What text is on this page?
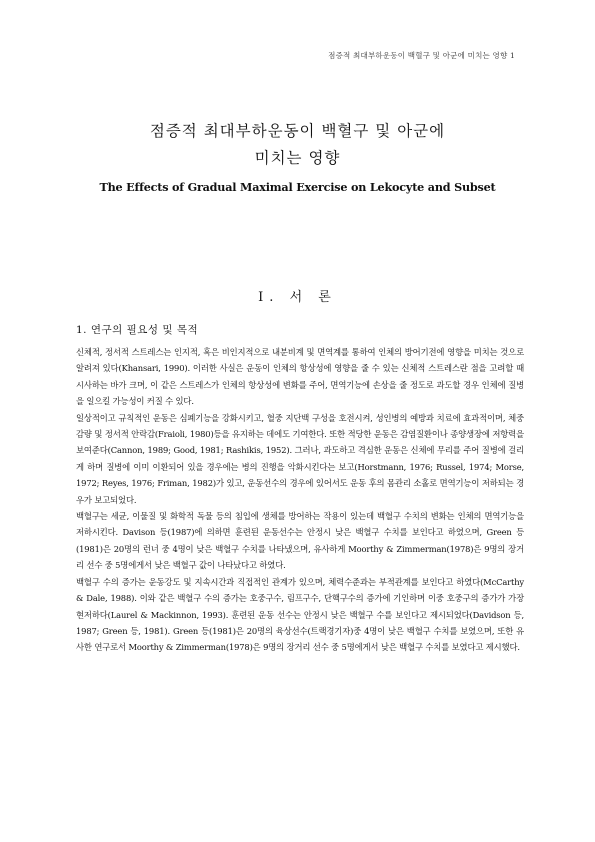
점증적 최대부하운동이 백혈구 및 아군에 미치는 영향 1
점증적 최대부하운동이 백혈구 및 아군에
미치는 영향
The Effects of Gradual Maximal Exercise on Lekocyte and Subset
Ⅰ. 서 론
1. 연구의 필요성 및 목적

신체적, 정서적 스트레스는 인지적, 혹은 비인지적으로 내분비계 및 면역계를 통하여 인체의 방어기전에 영향을 미치는 것으로 알려져 있다(Khansari, 1990). 이러한 사실은 운동이 인체의 항상성에 영향을 줄 수 있는 신체적 스트레스란 점을 고려할 때 시사하는 바가 크며, 이 같은 스트레스가 인체의 항상성에 변화를 주어, 면역기능에 손상을 줄 정도로 과도할 경우 인체에 질병을 일으킬 가능성이 커질 수 있다.

일상적이고 규칙적인 운동은 심폐기능을 강화시키고, 혈중 지단백 구성을 호전시켜, 성인병의 예방과 치료에 효과적이며, 체중감량 및 정서적 안락감(Fraioli, 1980)등을 유지하는 데에도 기여한다. 또한 적당한 운동은 감염질환이나 종양생장에 저항력을 보여준다(Cannon, 1989; Good, 1981; Rashikis, 1952). 그러나, 과도하고 격심한 운동은 신체에 무리를 주어 질병에 걸리게 하며 질병에 이미 이환되어 있을 경우에는 병의 진행을 악화시킨다는 보고(Horstmann, 1976; Russel, 1974; Morse, 1972; Reyes, 1976; Friman, 1982)가 있고, 운동선수의 경우에 있어서도 운동 후의 몸관리 소홀로 면역기능이 저하되는 경우가 보고되었다.

백혈구는 세균, 이물질 및 화학적 독물 등의 침입에 생체를 방어하는 작용이 있는데 백혈구 수치의 변화는 인체의 면역기능을 저하시킨다. Davison 등(1987)에 의하면 훈련된 운동선수는 안정시 낮은 백혈구 수치를 보인다고 하였으며, Green 등(1981)은 20명의 런너 중 4명이 낮은 백혈구 수치를 나타냈으며, 유사하게 Moorthy & Zimmerman(1978)은 9명의 장거리 선수 중 5명에게서 낮은 백혈구 값이 나타났다고 하였다.

백혈구 수의 증가는 운동강도 및 지속시간과 직접적인 관계가 있으며, 체력수준과는 부적관계를 보인다고 하였다(McCarthy & Dale, 1988). 이와 같은 백혈구 수의 증가는 호중구수, 림프구수, 단핵구수의 증가에 기인하며 이중 호중구의 증가가 가장 현저하다(Laurel & Mackinnon, 1993). 훈련된 운동 선수는 안정시 낮은 백혈구 수를 보인다고 제시되었다(Davidson 등, 1987; Green 등, 1981). Green 등(1981)은 20명의 육상선수(트랙경기자)중 4명이 낮은 백혈구 수치를 보였으며, 또한 유사한 연구로서 Moorthy & Zimmerman(1978)은 9명의 장거리 선수 중 5명에게서 낮은 백혈구 수치를 보였다고 제시했다.
